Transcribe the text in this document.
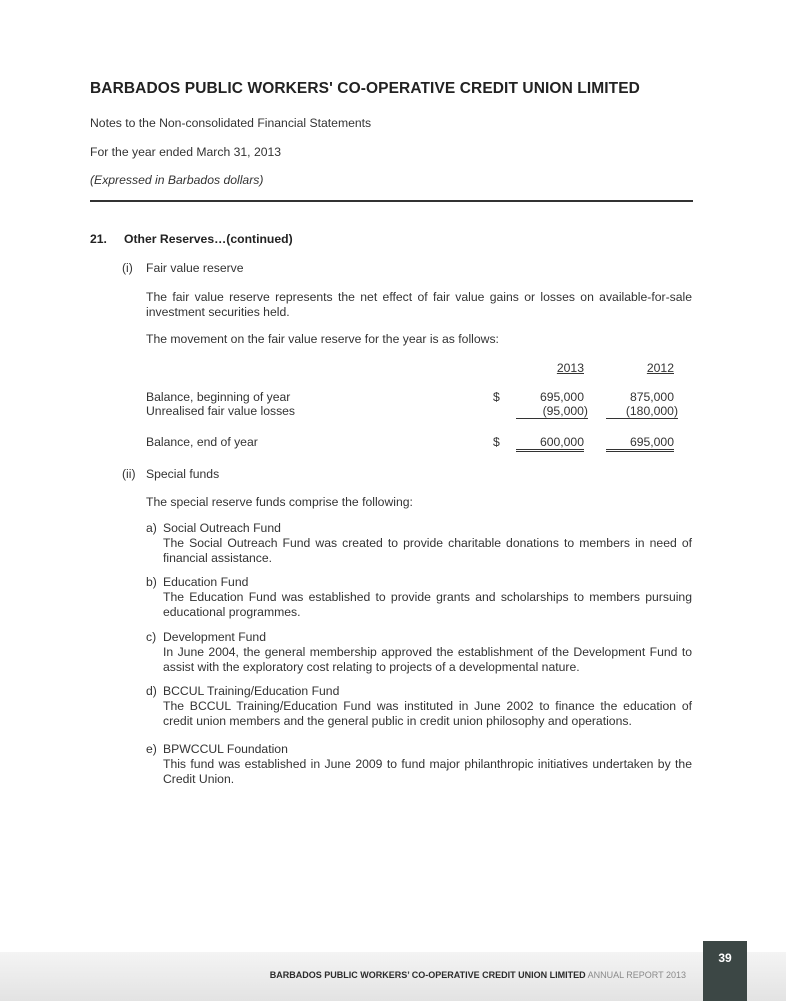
BARBADOS PUBLIC WORKERS' CO-OPERATIVE CREDIT UNION LIMITED
Notes to the Non-consolidated Financial Statements
For the year ended March 31, 2013
(Expressed in Barbados dollars)
21. Other Reserves…(continued)
(i) Fair value reserve

The fair value reserve represents the net effect of fair value gains or losses on available-for-sale investment securities held.

The movement on the fair value reserve for the year is as follows:

2013	2012
Balance, beginning of year	$	695,000	875,000
Unrealised fair value losses	(95,000)	(180,000)
Balance, end of year	$	600,000	695,000
(ii) Special funds

The special reserve funds comprise the following:

a) Social Outreach Fund

The Social Outreach Fund was created to provide charitable donations to members in need of financial assistance.

b) Education Fund

The Education Fund was established to provide grants and scholarships to members pursuing educational programmes.

c) Development Fund

In June 2004, the general membership approved the establishment of the Development Fund to assist with the exploratory cost relating to projects of a developmental nature.

d) BCCUL Training/Education Fund

The BCCUL Training/Education Fund was instituted in June 2002 to finance the education of credit union members and the general public in credit union philosophy and operations.

e) BPWCCUL Foundation

This fund was established in June 2009 to fund major philanthropic initiatives undertaken by the Credit Union.

BARBADOS PUBLIC WORKERS’ CO-OPERATIVE CREDIT UNION LIMITED ANNUAL REPORT 2013
39
